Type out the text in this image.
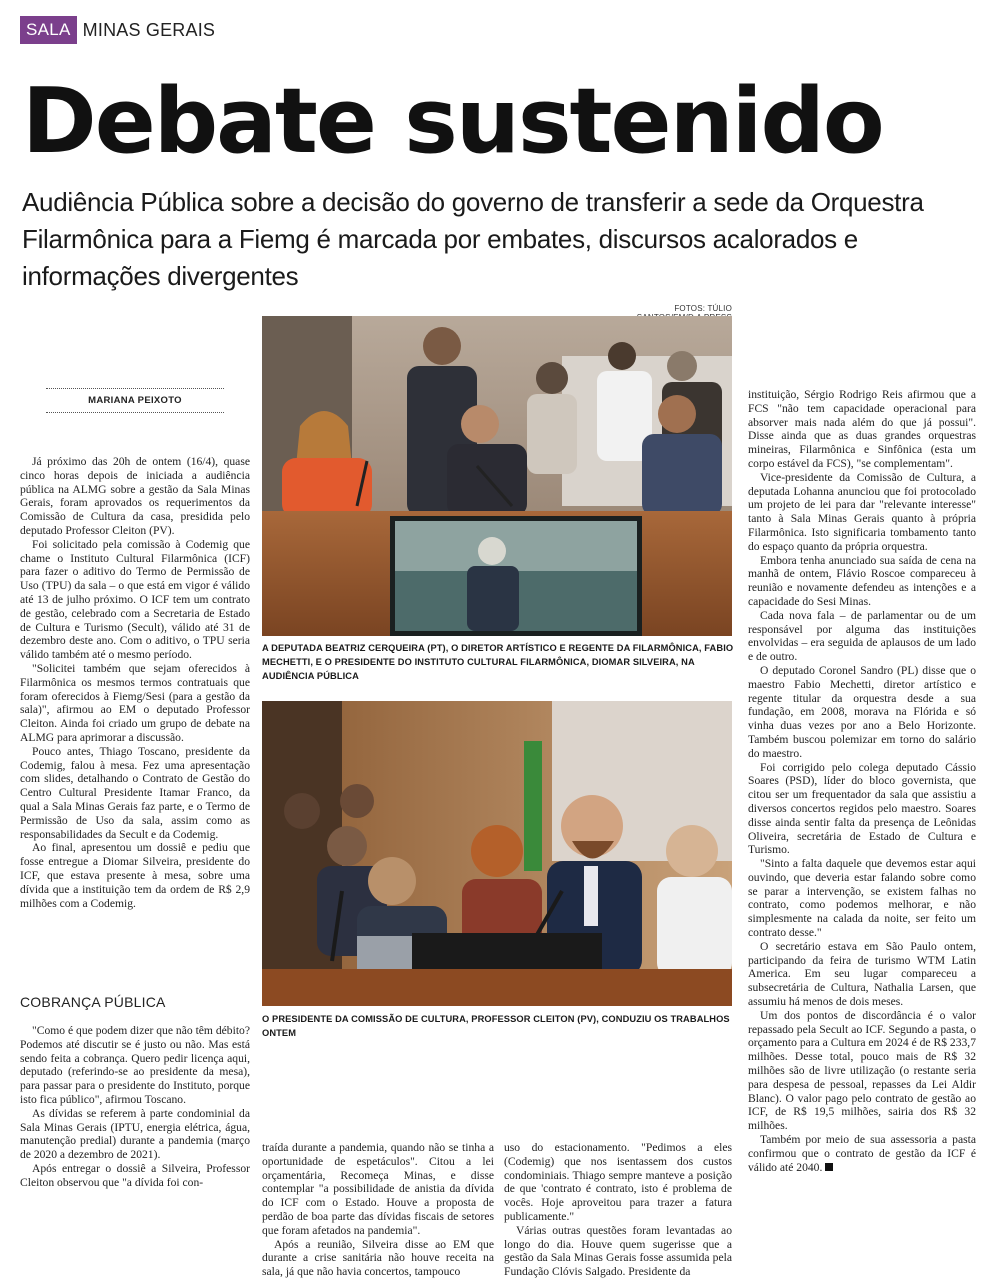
SALA MINAS GERAIS
Debate sustenido
Audiência Pública sobre a decisão do governo de transferir a sede da Orquestra Filarmônica para a Fiemg é marcada por embates, discursos acalorados e informações divergentes
FOTOS: TÚLIO
MARIANA PEIXOTO

Já próximo das 20h de ontem (16/4), quase cinco horas depois de iniciada a audiência pública na ALMG sobre a gestão da Sala Minas Gerais, foram aprovados os requerimentos da Comissão de Cultura da casa, presidida pelo deputado Professor Cleiton (PV).

Foi solicitado pela comissão à Codemig que chame o Instituto Cultural Filarmônica (ICF) para fazer o aditivo do Termo de Permissão de Uso (TPU) da sala – o que está em vigor é válido até 13 de julho próximo. O ICF tem um contrato de gestão, celebrado com a Secretaria de Estado de Cultura e Turismo (Secult), válido até 31 de dezembro deste ano. Com o aditivo, o TPU seria válido também até o mesmo período.

"Solicitei também que sejam oferecidos à Filarmônica os mesmos termos contratuais que foram oferecidos à Fiemg/Sesi (para a gestão da sala)", afirmou ao EM o deputado Professor Cleiton. Ainda foi criado um grupo de debate na ALMG para aprimorar a discussão.

Pouco antes, Thiago Toscano, presidente da Codemig, falou à mesa. Fez uma apresentação com slides, detalhando o Contrato de Gestão do Centro Cultural Presidente Itamar Franco, da qual a Sala Minas Gerais faz parte, e o Termo de Permissão de Uso da sala, assim como as responsabilidades da Secult e da Codemig.

Ao final, apresentou um dossiê e pediu que fosse entregue a Diomar Silveira, presidente do ICF, que estava presente à mesa, sobre uma dívida que a instituição tem da ordem de R$ 2,9 milhões com a Codemig.

COBRANÇA PÚBLICA

"Como é que podem dizer que não têm débito? Podemos até discutir se é justo ou não. Mas está sendo feita a cobrança. Quero pedir licença aqui, deputado (referindo-se ao presidente da mesa), para passar para o presidente do Instituto, porque isto fica público", afirmou Toscano.

As dívidas se referem à parte condominial da Sala Minas Gerais (IPTU, energia elétrica, água, manutenção predial) durante a pandemia (março de 2020 a dezembro de 2021).

Após entregar o dossiê a Silveira, Professor Cleiton observou que "a dívida foi con-

A DEPUTADA BEATRIZ CERQUEIRA (PT), O DIRETOR ARTÍSTICO E REGENTE DA FILARMÔNICA, FABIO MECHETTI, E O PRESIDENTE DO INSTITUTO CULTURAL FILARMÔNICA, DIOMAR SILVEIRA, NA AUDIÊNCIA PÚBLICA
O PRESIDENTE DA COMISSÃO DE CULTURA, PROFESSOR CLEITON (PV), CONDUZIU OS TRABALHOS ONTEM

traída durante a pandemia, quando não se tinha a oportunidade de espetáculos". Citou a lei orçamentária, Recomeça Minas, e disse contemplar "a possibilidade de anistia da dívida do ICF com o Estado. Houve a proposta de perdão de boa parte das dívidas fiscais de setores que foram afetados na pandemia".

Após a reunião, Silveira disse ao EM que durante a crise sanitária não houve receita na sala, já que não havia concertos, tampouco

uso do estacionamento. "Pedimos a eles (Codemig) que nos isentassem dos custos condominiais. Thiago sempre manteve a posição de que 'contrato é contrato, isto é problema de vocês. Hoje aproveitou para trazer a fatura publicamente."

Várias outras questões foram levantadas ao longo do dia. Houve quem sugerisse que a gestão da Sala Minas Gerais fosse assumida pela Fundação Clóvis Salgado. Presidente da

instituição, Sérgio Rodrigo Reis afirmou que a FCS "não tem capacidade operacional para absorver mais nada além do que já possui". Disse ainda que as duas grandes orquestras mineiras, Filarmônica e Sinfônica (esta um corpo estável da FCS), "se complementam".

Vice-presidente da Comissão de Cultura, a deputada Lohanna anunciou que foi protocolado um projeto de lei para dar "relevante interesse" tanto à Sala Minas Gerais quanto à própria Filarmônica. Isto significaria tombamento tanto do espaço quanto da própria orquestra.

Embora tenha anunciado sua saída de cena na manhã de ontem, Flávio Roscoe compareceu à reunião e novamente defendeu as intenções e a capacidade do Sesi Minas.

Cada nova fala – de parlamentar ou de um responsável por alguma das instituições envolvidas – era seguida de aplausos de um lado e de outro.

O deputado Coronel Sandro (PL) disse que o maestro Fabio Mechetti, diretor artístico e regente titular da orquestra desde a sua fundação, em 2008, morava na Flórida e só vinha duas vezes por ano a Belo Horizonte. Também buscou polemizar em torno do salário do maestro.

Foi corrigido pelo colega deputado Cássio Soares (PSD), líder do bloco governista, que citou ser um frequentador da sala que assistiu a diversos concertos regidos pelo maestro. Soares disse ainda sentir falta da presença de Leônidas Oliveira, secretária de Estado de Cultura e Turismo.

"Sinto a falta daquele que devemos estar aqui ouvindo, que deveria estar falando sobre como se parar a intervenção, se existem falhas no contrato, como podemos melhorar, e não simplesmente na calada da noite, ser feito um contrato desse."

O secretário estava em São Paulo ontem, participando da feira de turismo WTM Latin America. Em seu lugar compareceu a subsecretária de Cultura, Nathalia Larsen, que assumiu há menos de dois meses.

Um dos pontos de discordância é o valor repassado pela Secult ao ICF. Segundo a pasta, o orçamento para a Cultura em 2024 é de R$ 233,7 milhões. Desse total, pouco mais de R$ 32 milhões são de livre utilização (o restante seria para despesa de pessoal, repasses da Lei Aldir Blanc). O valor pago pelo contrato de gestão ao ICF, de R$ 19,5 milhões, sairia dos R$ 32 milhões.

Também por meio de sua assessoria a pasta confirmou que o contrato de gestão da ICF é válido até 2040.
